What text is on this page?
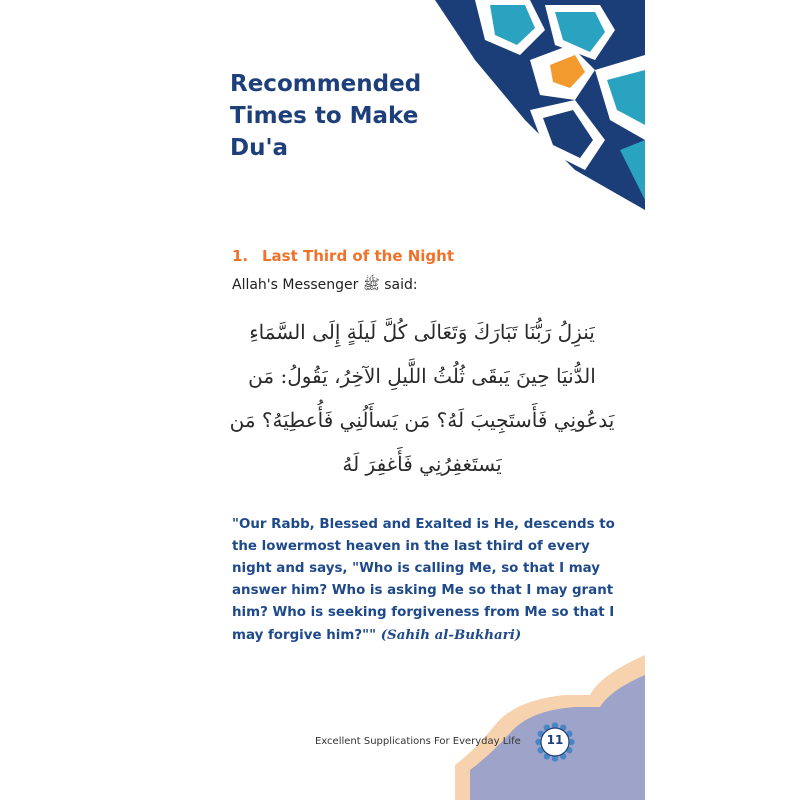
Recommended
Times to Make
Du'a
1. Last Third of the Night
Allah's Messenger ﷺ said:
يَنزِلُ رَبُّنَا تَبَارَكَ وَتَعَالَى كُلَّ لَيلَةٍ إِلَى السَّمَاءِ الدُّنيَا حِينَ يَبقَى ثُلُثُ اللَّيلِ الآخِرُ، يَقُولُ: مَن يَدعُونِي فَأَستَجِيبَ لَهُ؟ مَن يَسأَلُنِي فَأُعطِيَهُ؟ مَن يَستَغفِرُنِي فَأَغفِرَ لَهُ
"Our Rabb, Blessed and Exalted is He, descends to the lowermost heaven in the last third of every night and says, "Who is calling Me, so that I may answer him? Who is asking Me so that I may grant him? Who is seeking forgiveness from Me so that I may forgive him?"" (Sahih al-Bukhari)
Excellent Supplications For Everyday Life	11
